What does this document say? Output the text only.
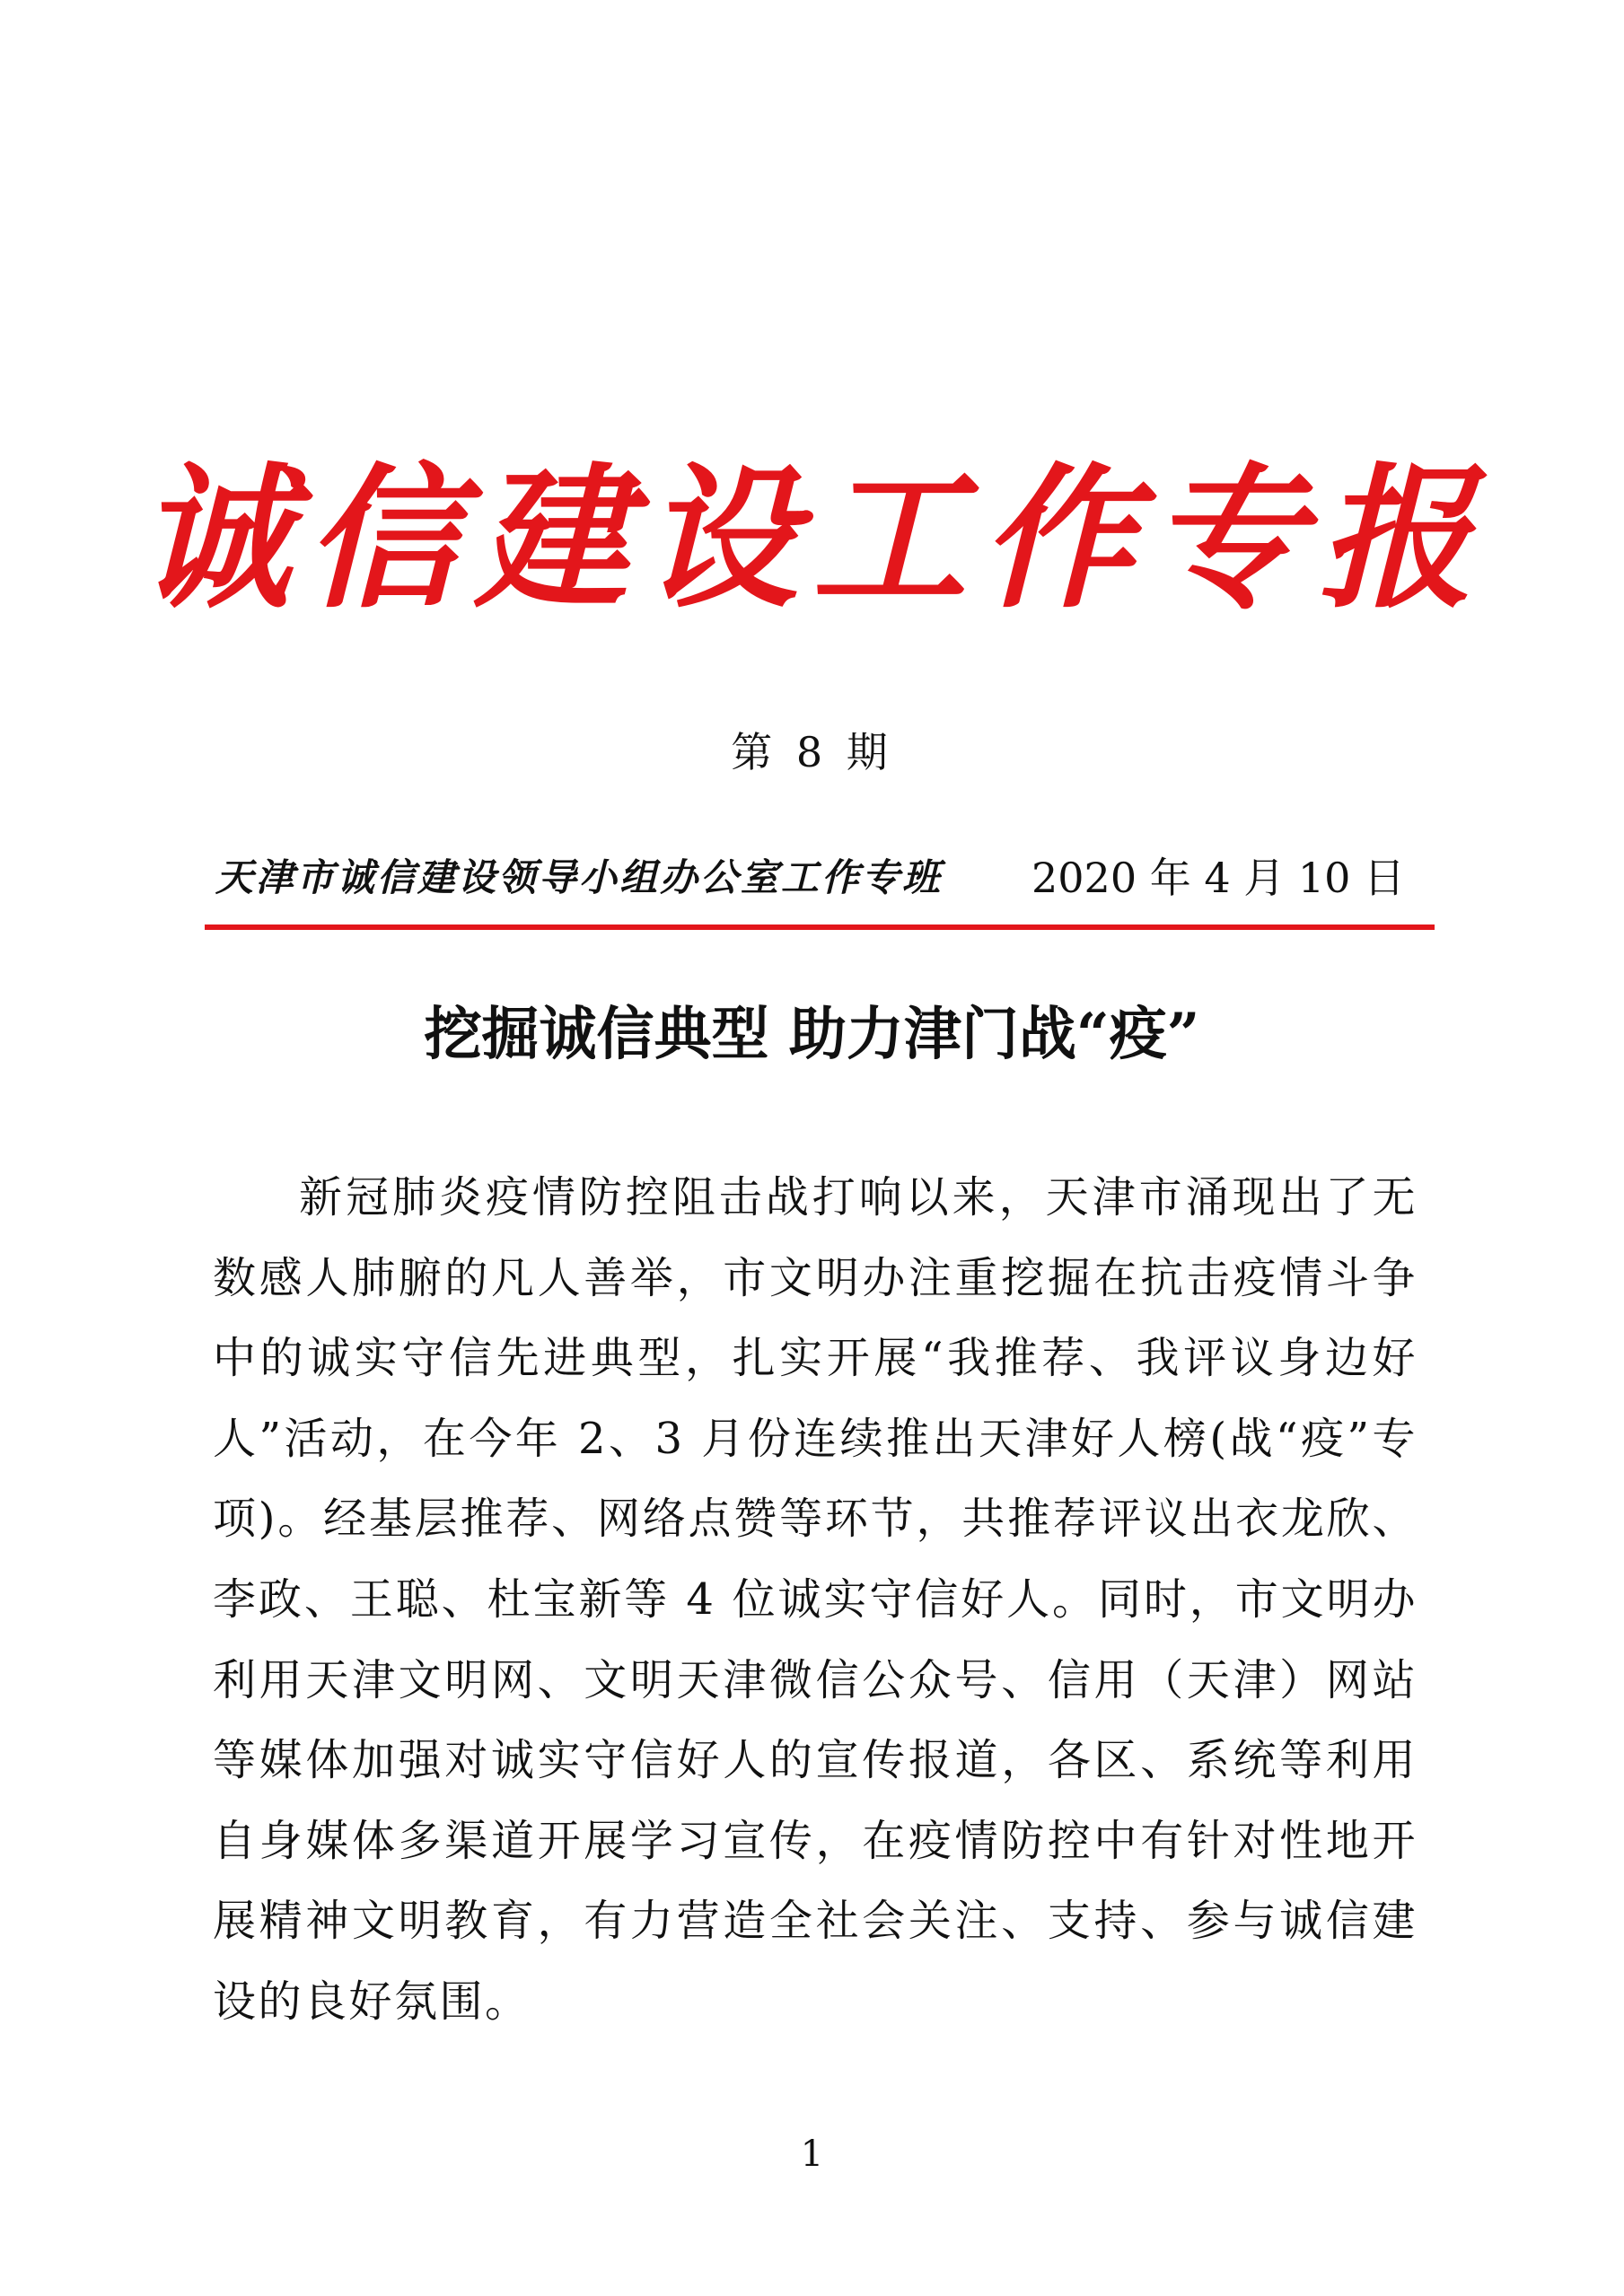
诚信建设工作专报
第 8 期
天津市诚信建设领导小组办公室工作专班 2020 年 4 月 10 日
挖掘诚信典型 助力津门战“疫”

新冠肺炎疫情防控阻击战打响以来，天津市涌现出了无数感人肺腑的凡人善举，市文明办注重挖掘在抗击疫情斗争中的诚实守信先进典型，扎实开展“我推荐、我评议身边好人”活动，在今年 2、3 月份连续推出天津好人榜(战“疫”专项)。经基层推荐、网络点赞等环节，共推荐评议出衣龙欣、李政、王聪、杜宝新等 4 位诚实守信好人。同时，市文明办利用天津文明网、文明天津微信公众号、信用（天津）网站等媒体加强对诚实守信好人的宣传报道，各区、系统等利用自身媒体多渠道开展学习宣传，在疫情防控中有针对性地开展精神文明教育，有力营造全社会关注、支持、参与诚信建设的良好氛围。

1
